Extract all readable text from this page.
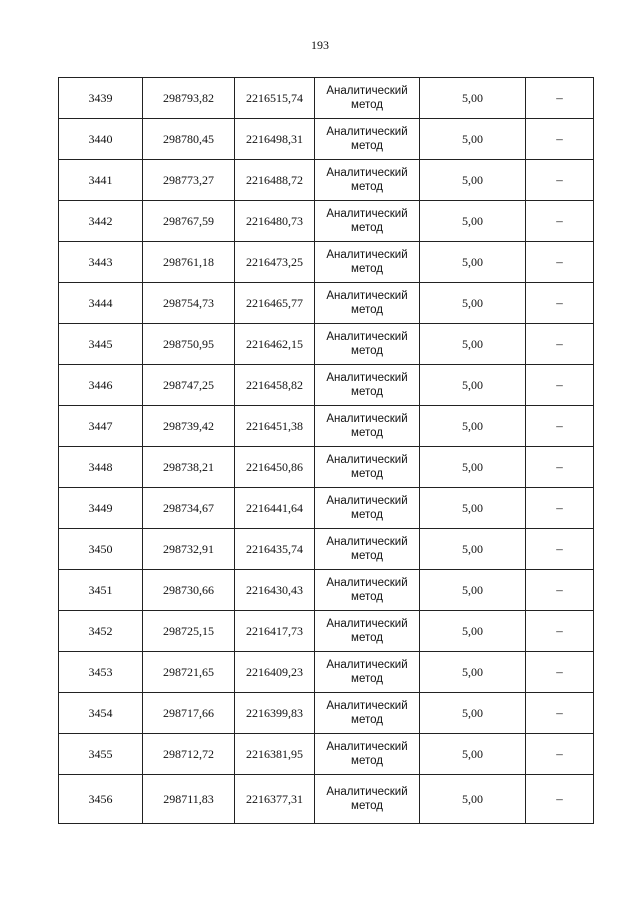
193
3439	298793,82	2216515,74	Аналитический метод	5,00	–
3440	298780,45	2216498,31	Аналитический метод	5,00	–
3441	298773,27	2216488,72	Аналитический метод	5,00	–
3442	298767,59	2216480,73	Аналитический метод	5,00	–
3443	298761,18	2216473,25	Аналитический метод	5,00	–
3444	298754,73	2216465,77	Аналитический метод	5,00	–
3445	298750,95	2216462,15	Аналитический метод	5,00	–
3446	298747,25	2216458,82	Аналитический метод	5,00	–
3447	298739,42	2216451,38	Аналитический метод	5,00	–
3448	298738,21	2216450,86	Аналитический метод	5,00	–
3449	298734,67	2216441,64	Аналитический метод	5,00	–
3450	298732,91	2216435,74	Аналитический метод	5,00	–
3451	298730,66	2216430,43	Аналитический метод	5,00	–
3452	298725,15	2216417,73	Аналитический метод	5,00	–
3453	298721,65	2216409,23	Аналитический метод	5,00	–
3454	298717,66	2216399,83	Аналитический метод	5,00	–
3455	298712,72	2216381,95	Аналитический метод	5,00	–
3456	298711,83	2216377,31	Аналитический метод	5,00	–
